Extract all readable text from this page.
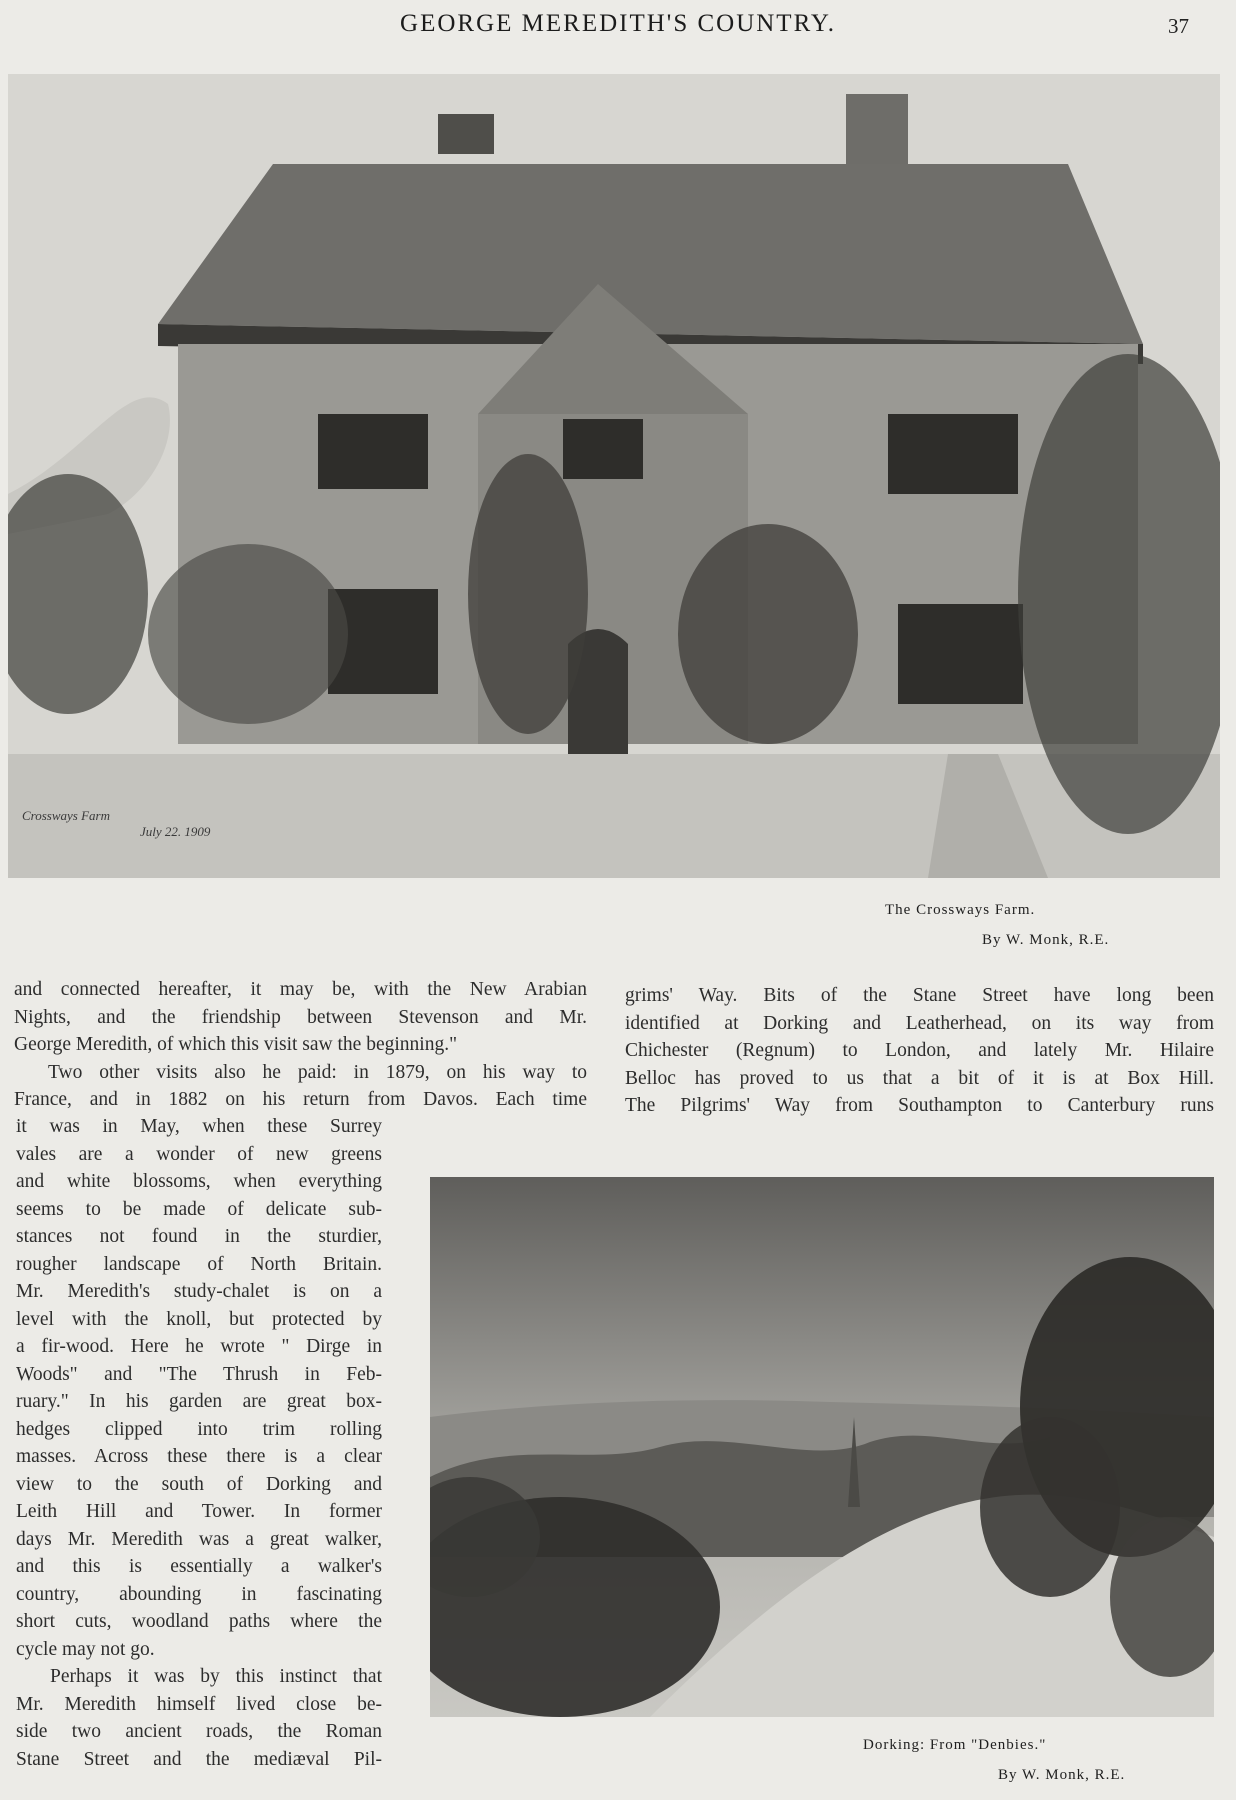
GEORGE MEREDITH'S COUNTRY.	37
Crossways Farm
July 22. 1909
The Crossways Farm.
By W. Monk, R.E.
and connected hereafter, it may be, with the New Arabian
Nights, and the friendship between Stevenson and Mr.
George Meredith, of which this visit saw the beginning."
Two other visits also he paid: in 1879, on his way to
France, and in 1882 on his return from Davos. Each time
it was in May, when these Surrey
vales are a wonder of new greens
and white blossoms, when everything
seems to be made of delicate sub-
stances not found in the sturdier,
rougher landscape of North Britain.
Mr. Meredith's study-chalet is on a
level with the knoll, but protected by
a fir-wood. Here he wrote " Dirge in
Woods" and "The Thrush in Feb-
ruary." In his garden are great box-
hedges clipped into trim rolling
masses. Across these there is a clear
view to the south of Dorking and
Leith Hill and Tower. In former
days Mr. Meredith was a great walker,
and this is essentially a walker's
country, abounding in fascinating
short cuts, woodland paths where the
cycle may not go.
Perhaps it was by this instinct that
Mr. Meredith himself lived close be-
side two ancient roads, the Roman
Stane Street and the mediæval Pil-
grims' Way. Bits of the Stane Street have long been
identified at Dorking and Leatherhead, on its way from
Chichester (Regnum) to London, and lately Mr. Hilaire
Belloc has proved to us that a bit of it is at Box Hill.
The Pilgrims' Way from Southampton to Canterbury runs
Dorking: From "Denbies."
By W. Monk, R.E.
